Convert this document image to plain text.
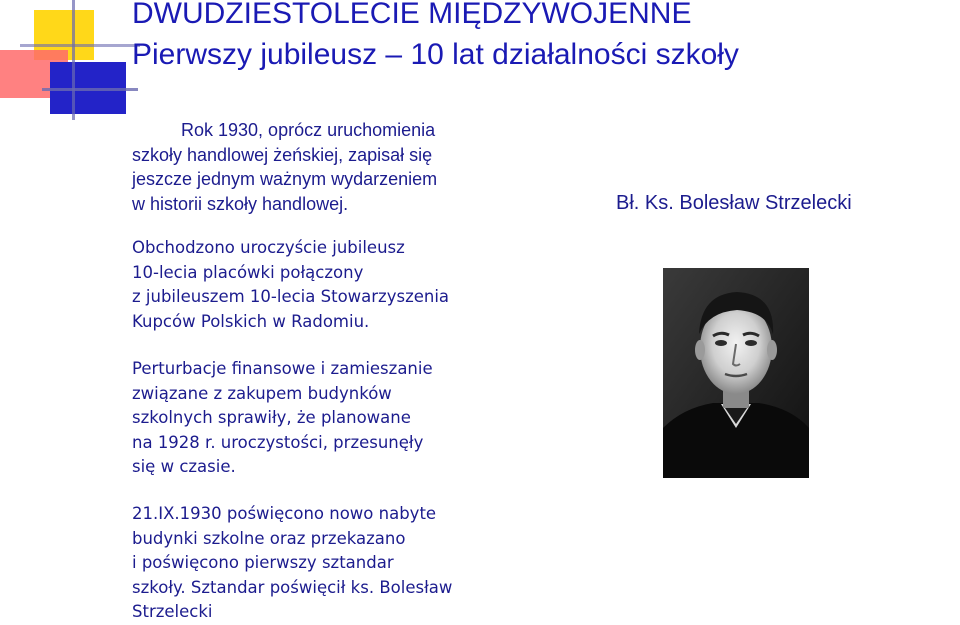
DWUDZIESTOLECIE MIĘDZYWOJENNE
Pierwszy jubileusz – 10 lat działalności szkoły
Rok 1930, oprócz uruchomienia
szkoły handlowej żeńskiej, zapisał się
jeszcze jednym ważnym wydarzeniem
w historii szkoły handlowej.
Obchodzono uroczyście jubileusz
10-lecia placówki połączony
z jubileuszem 10-lecia Stowarzyszenia
Kupców Polskich w Radomiu.
Perturbacje finansowe i zamieszanie
związane z zakupem budynków
szkolnych sprawiły, że planowane
na 1928 r. uroczystości, przesunęły
się w czasie.
21.IX.1930 poświęcono nowo nabyte
budynki szkolne oraz przekazano
i poświęcono pierwszy sztandar
szkoły. Sztandar poświęcił ks. Bolesław
Strzelecki
Bł. Ks. Bolesław Strzelecki
